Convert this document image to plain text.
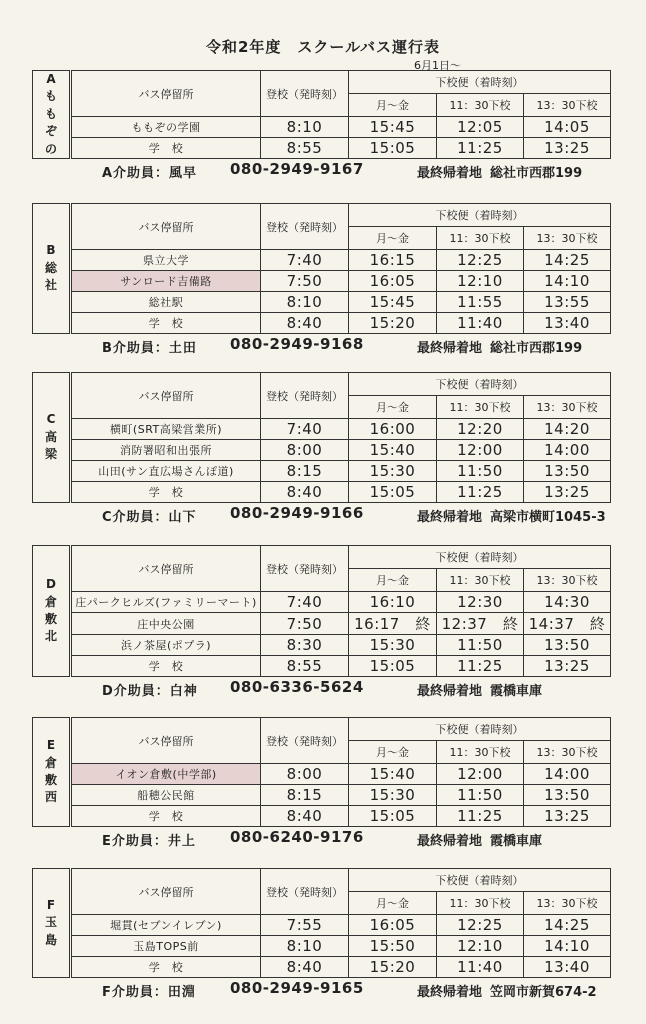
令和2年度　スクールバス運行表
6月1日～
A
も
も
ぞ
の	バス停留所	登校（発時刻）	下校便（着時刻）		
			月～金	11：30下校	13：30下校
	ももぞの学園	8:10	15:45	12:05	14:05
	学　校	8:55	15:05	11:25	13:25
A介助員：風早 080-2949-9167	最終帰着地 総社市西郡199
B
総
社	バス停留所	登校（発時刻）	下校便（着時刻）		
			月～金	11：30下校	13：30下校
	県立大学	7:40	16:15	12:25	14:25
	サンロード吉備路	7:50	16:05	12:10	14:10
	総社駅	8:10	15:45	11:55	13:55
	学　校	8:40	15:20	11:40	13:40
B介助員：土田 080-2949-9168	最終帰着地 総社市西郡199
C
高
梁	バス停留所	登校（発時刻）	下校便（着時刻）		
			月～金	11：30下校	13：30下校
	横町(SRT高梁営業所)	7:40	16:00	12:20	14:20
	消防署昭和出張所	8:00	15:40	12:00	14:00
	山田(サン直広場さんぽ道)	8:15	15:30	11:50	13:50
	学　校	8:40	15:05	11:25	13:25
C介助員：山下 080-2949-9166	最終帰着地 高梁市横町1045-3
D
倉
敷
北	バス停留所	登校（発時刻）	下校便（着時刻）		
			月～金	11：30下校	13：30下校
	庄パークヒルズ(ファミリーマート)	7:40	16:10	12:30	14:30
	庄中央公園	7:50	16:17　終	12:37　終	14:37　終
	浜ノ茶屋(ポプラ)	8:30	15:30	11:50	13:50
	学　校	8:55	15:05	11:25	13:25
D介助員：白神 080-6336-5624	最終帰着地 霞橋車庫
E
倉
敷
西	バス停留所	登校（発時刻）	下校便（着時刻）		
			月～金	11：30下校	13：30下校
	イオン倉敷(中学部)	8:00	15:40	12:00	14:00
	船穂公民館	8:15	15:30	11:50	13:50
	学　校	8:40	15:05	11:25	13:25
E介助員：井上 080-6240-9176	最終帰着地 霞橋車庫
F
玉
島	バス停留所	登校（発時刻）	下校便（着時刻）		
			月～金	11：30下校	13：30下校
	堀貫(セブンイレブン)	7:55	16:05	12:25	14:25
	玉島TOPS前	8:10	15:50	12:10	14:10
	学　校	8:40	15:20	11:40	13:40
F介助員：田淵 080-2949-9165	最終帰着地 笠岡市新賀674-2
